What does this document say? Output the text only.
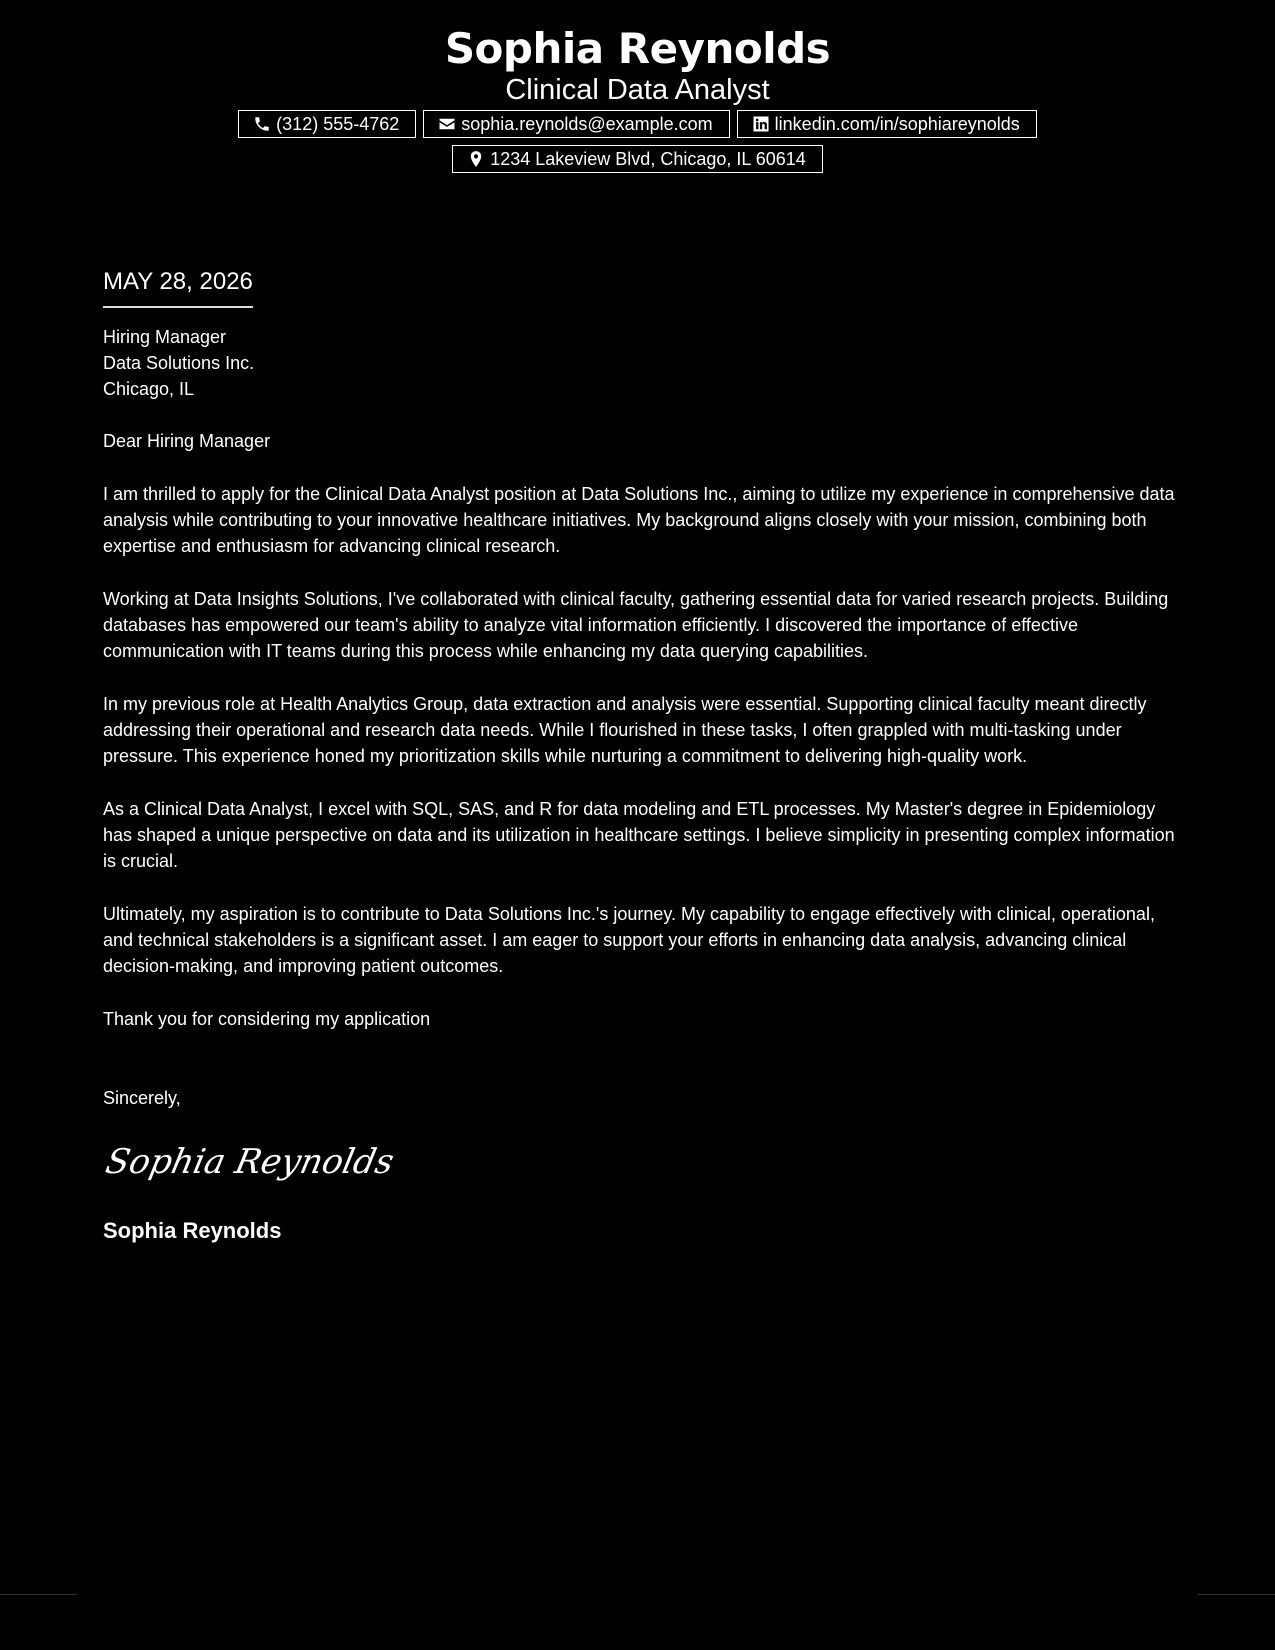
Sophia Reynolds
Clinical Data Analyst
(312) 555-4762	sophia.reynolds@example.com	linkedin.com/in/sophiareynolds
1234 Lakeview Blvd, Chicago, IL 60614
MAY 28, 2026
Hiring Manager
Data Solutions Inc.
Chicago, IL

Dear Hiring Manager

I am thrilled to apply for the Clinical Data Analyst position at Data Solutions Inc., aiming to utilize my experience in comprehensive data analysis while contributing to your innovative healthcare initiatives. My background aligns closely with your mission, combining both expertise and enthusiasm for advancing clinical research.

Working at Data Insights Solutions, I've collaborated with clinical faculty, gathering essential data for varied research projects. Building databases has empowered our team's ability to analyze vital information efficiently. I discovered the importance of effective communication with IT teams during this process while enhancing my data querying capabilities.

In my previous role at Health Analytics Group, data extraction and analysis were essential. Supporting clinical faculty meant directly addressing their operational and research data needs. While I flourished in these tasks, I often grappled with multi-tasking under pressure. This experience honed my prioritization skills while nurturing a commitment to delivering high-quality work.

As a Clinical Data Analyst, I excel with SQL, SAS, and R for data modeling and ETL processes. My Master's degree in Epidemiology has shaped a unique perspective on data and its utilization in healthcare settings. I believe simplicity in presenting complex information is crucial.

Ultimately, my aspiration is to contribute to Data Solutions Inc.'s journey. My capability to engage effectively with clinical, operational, and technical stakeholders is a significant asset. I am eager to support your efforts in enhancing data analysis, advancing clinical decision-making, and improving patient outcomes.

Thank you for considering my application

Sincerely,
Sophia Reynolds
Sophia Reynolds
